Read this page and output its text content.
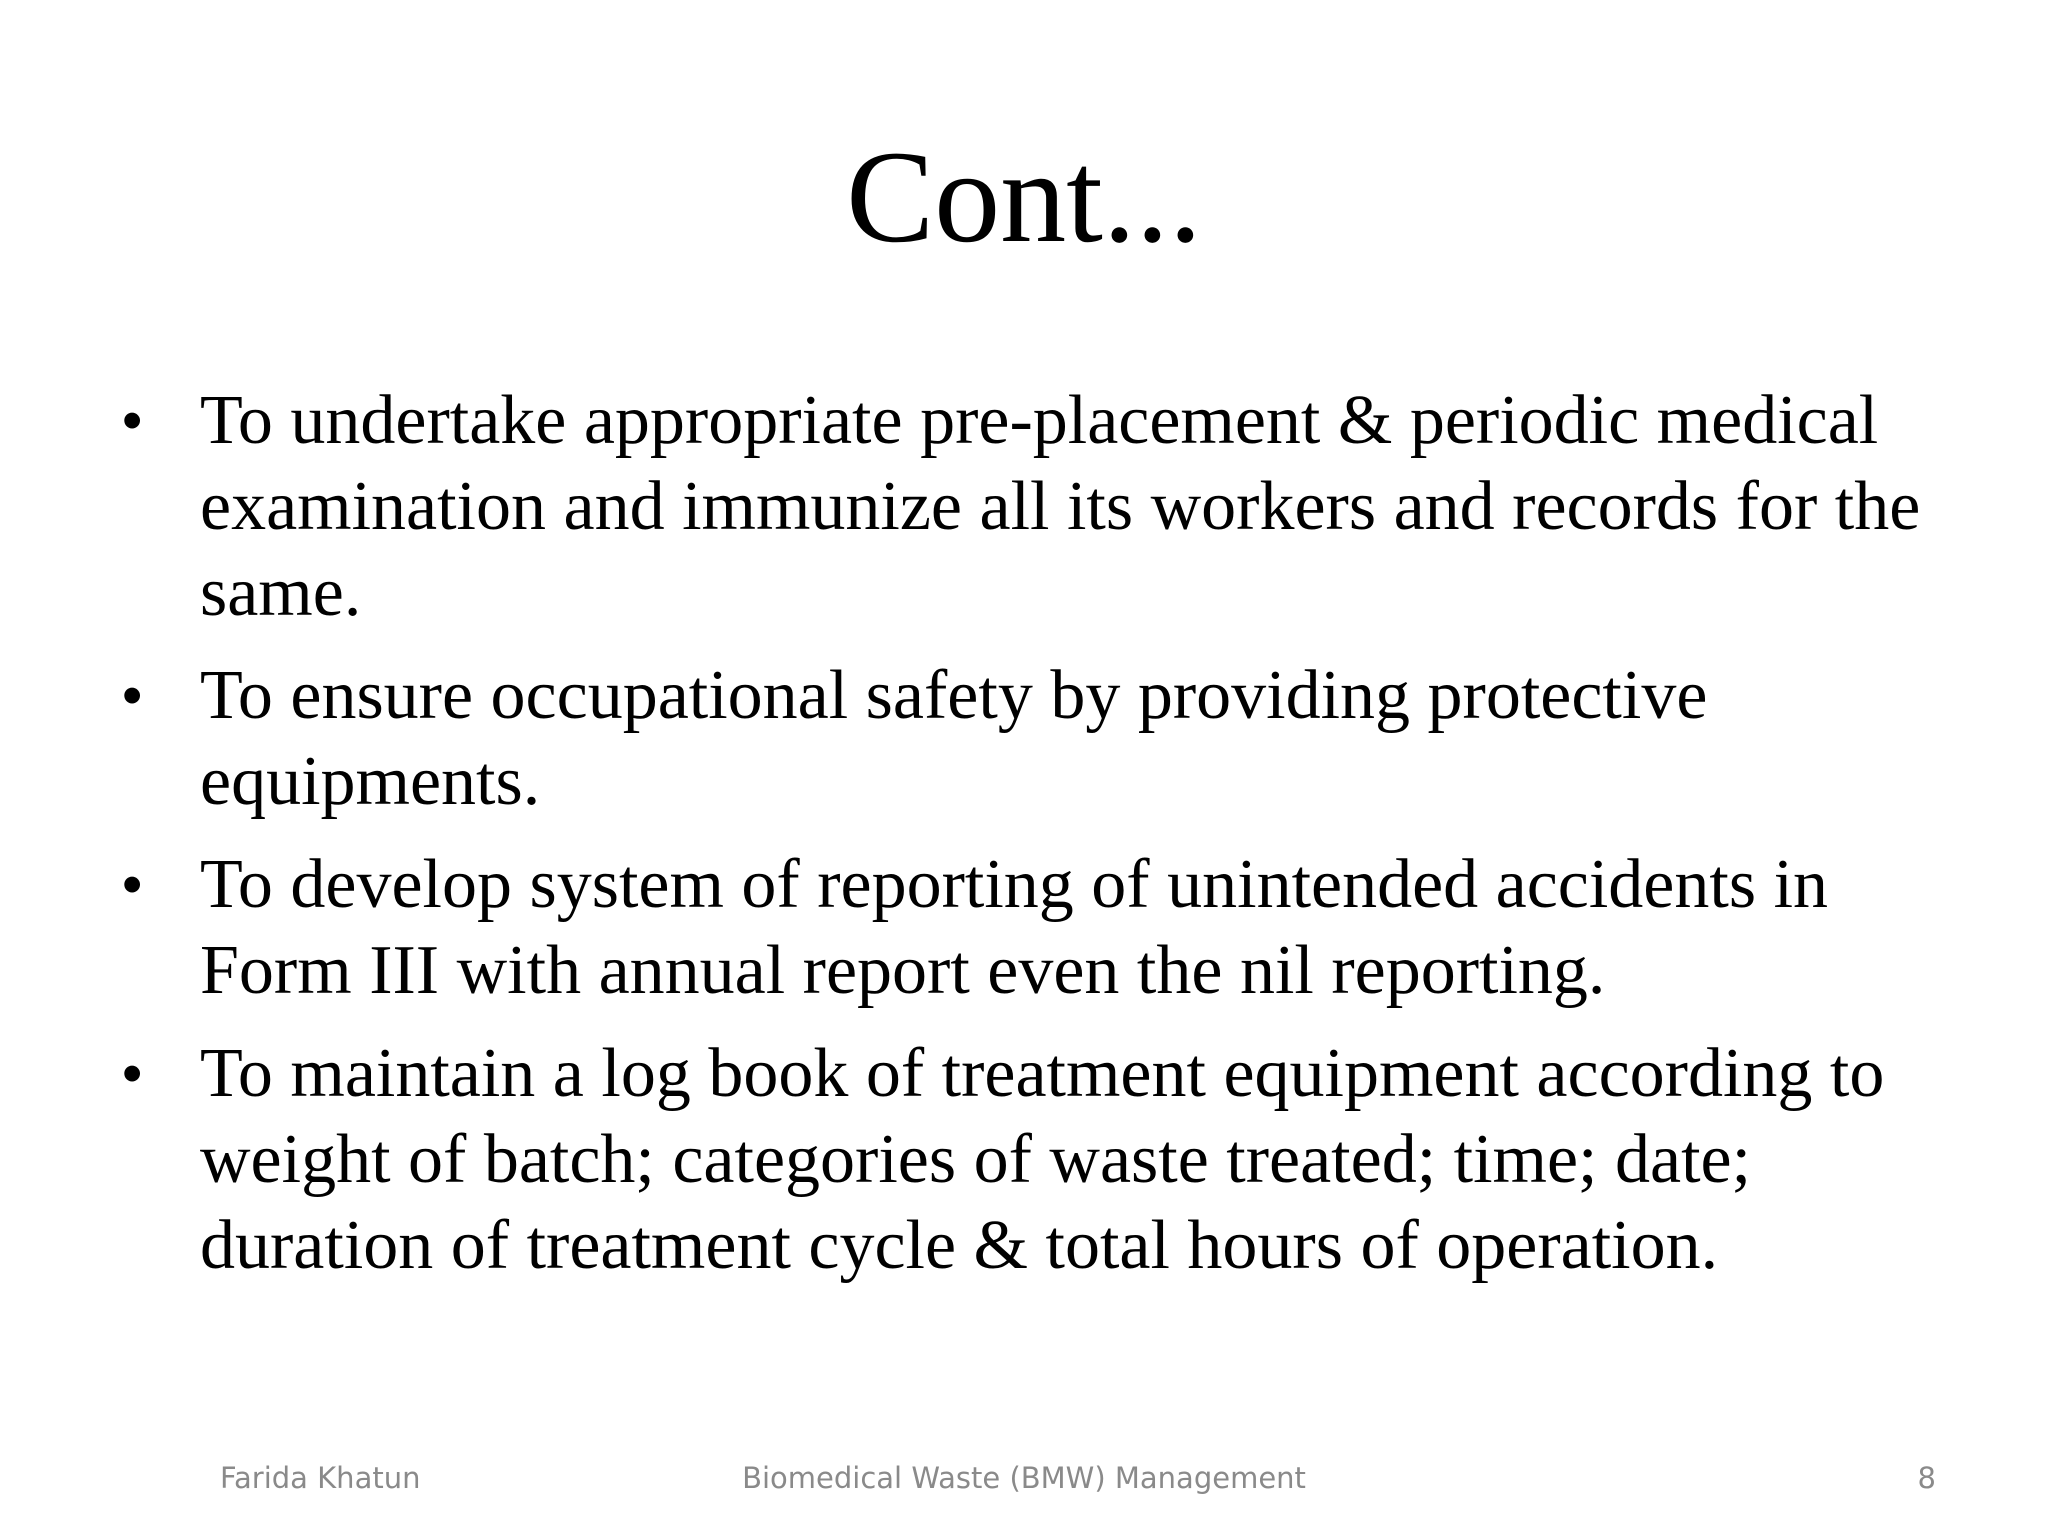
Cont...
• To undertake appropriate pre-placement & periodic medical examination and immunize all its workers and records for the same.
• To ensure occupational safety by providing protective equipments.
• To develop system of reporting of unintended accidents in Form III with annual report even the nil reporting.
• To maintain a log book of treatment equipment according to weight of batch; categories of waste treated; time; date; duration of treatment cycle & total hours of operation.
Farida Khatun	Biomedical Waste (BMW) Management	8
